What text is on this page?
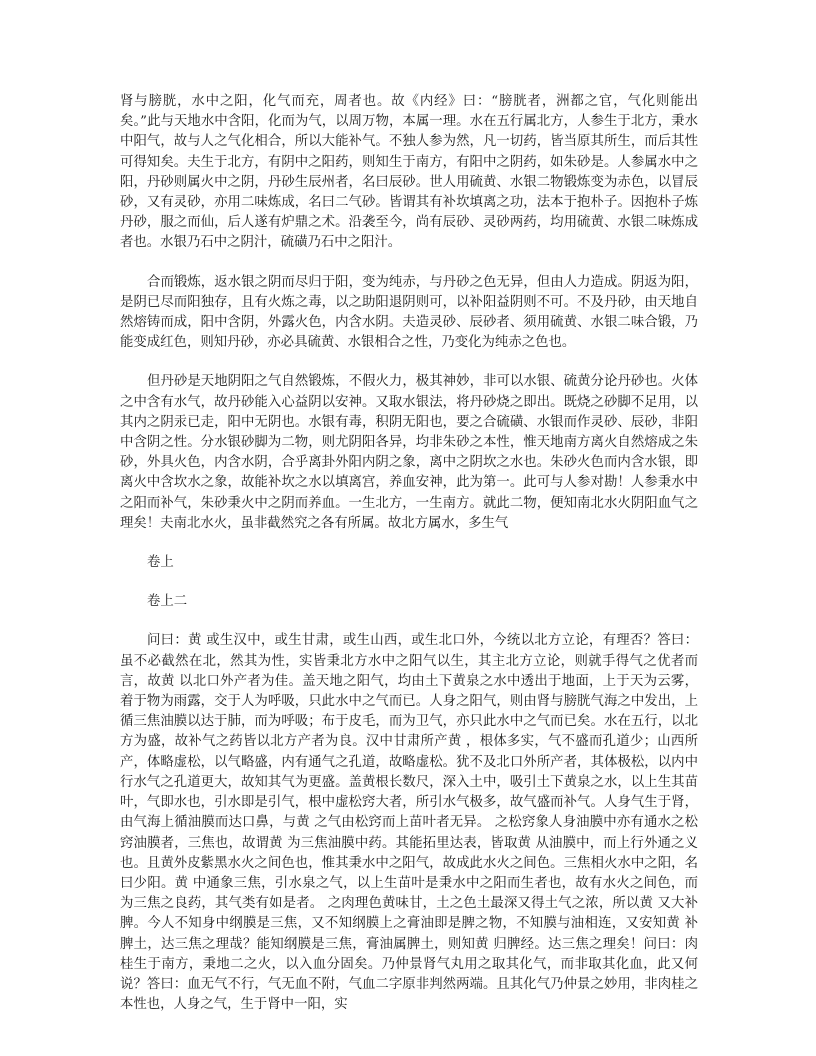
肾与膀胱，水中之阳，化气而充，周者也。故《内经》曰：“膀胱者，洲都之官，气化则能出矣。”此与天地水中含阳，化而为气，以周万物，本属一理。水在五行属北方，人参生于北方，秉水中阳气，故与人之气化相合，所以大能补气。不独人参为然，凡一切药，皆当原其所生，而后其性可得知矣。夫生于北方，有阴中之阳药，则知生于南方，有阳中之阴药，如朱砂是。人参属水中之阳，丹砂则属火中之阴，丹砂生辰州者，名曰辰砂。世人用硫黄、水银二物锻炼变为赤色，以冒辰砂，又有灵砂，亦用二味炼成，名曰二气砂。皆谓其有补坎填离之功，法本于抱朴子。因抱朴子炼丹砂，服之而仙，后人遂有炉鼎之术。沿袭至今，尚有辰砂、灵砂两药，均用硫黄、水银二味炼成者也。水银乃石中之阴汁，硫磺乃石中之阳汁。

合而锻炼，返水银之阴而尽归于阳，变为纯赤，与丹砂之色无异，但由人力造成。阴返为阳，是阴已尽而阳独存，且有火炼之毒，以之助阳退阴则可，以补阳益阴则不可。不及丹砂，由天地自然熔铸而成，阳中含阴，外露火色，内含水阴。夫造灵砂、辰砂者、须用硫黄、水银二味合锻，乃能变成红色，则知丹砂，亦必具硫黄、水银相合之性，乃变化为纯赤之色也。

但丹砂是天地阴阳之气自然锻炼，不假火力，极其神妙，非可以水银、硫黄分论丹砂也。火体之中含有水气，故丹砂能入心益阴以安神。又取水银法，将丹砂烧之即出。既烧之砂脚不足用，以其内之阴汞已走，阳中无阴也。水银有毒，积阴无阳也，要之合硫磺、水银而作灵砂、辰砂，非阳中含阴之性。分水银砂脚为二物，则尤阴阳各异，均非朱砂之本性，惟天地南方离火自然熔成之朱砂，外具火色，内含水阴，合乎离卦外阳内阴之象，离中之阴坎之水也。朱砂火色而内含水银，即离火中含坎水之象，故能补坎之水以填离宫，养血安神，此为第一。此可与人参对勘！人参秉水中之阳而补气，朱砂秉火中之阴而养血。一生北方，一生南方。就此二物，便知南北水火阴阳血气之理矣！夫南北水火，虽非截然究之各有所属。故北方属水，多生气

卷上

卷上二

问曰：黄 或生汉中，或生甘肃，或生山西，或生北口外，今统以北方立论，有理否？答曰：虽不必截然在北，然其为性，实皆秉北方水中之阳气以生，其主北方立论，则就手得气之优者而言，故黄 以北口外产者为佳。盖天地之阳气，均由土下黄泉之水中透出于地面，上于天为云雾，着于物为雨露，交于人为呼吸，只此水中之气而已。人身之阳气，则由肾与膀胱气海之中发出，上循三焦油膜以达于肺，而为呼吸；布于皮毛，而为卫气，亦只此水中之气而已矣。水在五行，以北方为盛，故补气之药皆以北方产者为良。汉中甘肃所产黄 ，根体多实，气不盛而孔道少；山西所产，体略虚松，以气略盛，内有通气之孔道，故略虚松。犹不及北口外所产者，其体极松，以内中行水气之孔道更大，故知其气为更盛。盖黄根长数尺，深入土中，吸引土下黄泉之水，以上生其苗叶，气即水也，引水即是引气，根中虚松窍大者，所引水气极多，故气盛而补气。人身气生于肾，由气海上循油膜而达口鼻，与黄 之气由松窍而上苗叶者无异。 之松窍象人身油膜中亦有通水之松窍油膜者，三焦也，故谓黄 为三焦油膜中药。其能拓里达表，皆取黄 从油膜中，而上行外通之义也。且黄外皮紫黑水火之间色也，惟其秉水中之阳气，故成此水火之间色。三焦相火水中之阳，名曰少阳。黄 中通象三焦，引水泉之气，以上生苗叶是秉水中之阳而生者也，故有水火之间色，而为三焦之良药，其气类有如是者。 之肉理色黄味甘，土之色土最深又得土气之浓，所以黄 又大补脾。今人不知身中纲膜是三焦，又不知纲膜上之膏油即是脾之物，不知膜与油相连，又安知黄 补脾土，达三焦之理哉？能知纲膜是三焦，膏油属脾土，则知黄 归脾经。达三焦之理矣！问曰：肉桂生于南方，秉地二之火，以入血分固矣。乃仲景肾气丸用之取其化气，而非取其化血，此又何说？答曰：血无气不行，气无血不附，气血二字原非判然两端。且其化气乃仲景之妙用，非肉桂之本性也，人身之气，生于肾中一阳，实
